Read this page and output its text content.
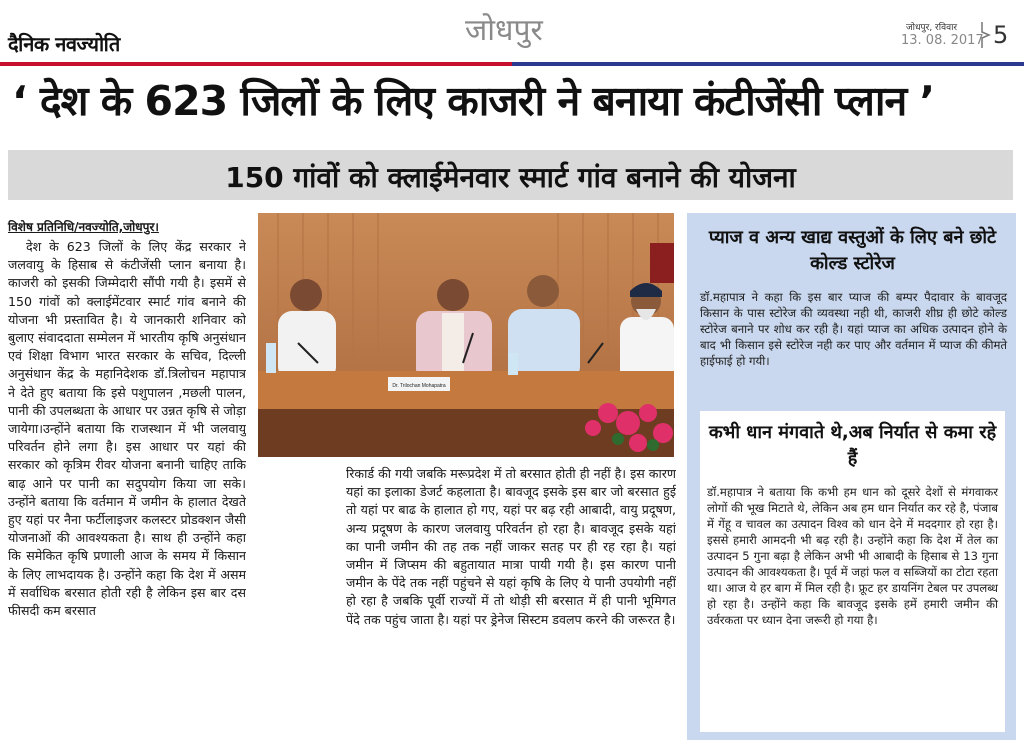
दैनिक नवज्योति	जोधपुर	जोधपुर, रविवार
13. 08. 2017 5
‘ देश के 623 जिलों के लिए काजरी ने बनाया कंटीजेंसी प्लान ’
150 गांवों को क्लाईमेनवार स्मार्ट गांव बनाने की योजना
विशेष प्रतिनिधि/नवज्योति,जोधपुर।

देश के 623 जिलों के लिए केंद्र सरकार ने जलवायु के हिसाब से कंटीजेंसी प्लान बनाया है। काजरी को इसकी जिम्मेदारी सौंपी गयी है। इसमें से 150 गांवों को क्लाईमेंटवार स्मार्ट गांव बनाने की योजना भी प्रस्तावित है। ये जानकारी शनिवार को बुलाए संवाददाता सम्मेलन में भारतीय कृषि अनुसंधान एवं शिक्षा विभाग भारत सरकार के सचिव, दिल्ली अनुसंधान केंद्र के महानिदेशक डॉ.त्रिलोचन महापात्र ने देते हुए बताया कि इसे पशुपालन ,मछली पालन, पानी की उपलब्धता के आधार पर उन्नत कृषि से जोड़ा जायेगा।उन्होंने बताया कि राजस्थान में भी जलवायु परिवर्तन होने लगा है। इस आधार पर यहां की सरकार को कृत्रिम रीवर योजना बनानी चाहिए ताकि बाढ़ आने पर पानी का सदुपयोग किया जा सके। उन्होंने बताया कि वर्तमान में जमीन के हालात देखते हुए यहां पर नैना फर्टीलाइजर कलस्टर प्रोडक्शन जैसी योजनाओं की आवश्यकता है। साथ ही उन्होंने कहा कि समेकित कृषि प्रणाली आज के समय में किसान के लिए लाभदायक है। उन्होंने कहा कि देश में असम में सर्वाधिक बरसात होती रही है लेकिन इस बार दस फीसदी कम बरसात

Dr. Trilochan Mohapatra

रिकार्ड की गयी जबकि मरूप्रदेश में तो बरसात होती ही नहीं है। इस कारण यहां का इलाका डेजर्ट कहलाता है। बावजूद इसके इस बार जो बरसात हुई तो यहां पर बाढ के हालात हो गए, यहां पर बढ़ रही आबादी, वायु प्रदूषण, अन्य प्रदूषण के कारण जलवायु परिवर्तन हो रहा है। बावजूद इसके यहां का पानी जमीन की तह तक नहीं जाकर सतह पर ही रह रहा है। यहां जमीन में जिप्सम की बहुतायात मात्रा पायी गयी है। इस कारण पानी जमीन के पेंदे तक नहीं पहुंचने से यहां कृषि के लिए ये पानी उपयोगी नहीं हो रहा है जबकि पूर्वी राज्यों में तो थोड़ी सी बरसात में ही पानी भूमिगत पेंदे तक पहुंच जाता है। यहां पर ड्रेनेज सिस्टम डवलप करने की जरूरत है।

प्याज व अन्य खाद्य वस्तुओं के लिए बने छोटे कोल्ड स्टोरेज

डॉ.महापात्र ने कहा कि इस बार प्याज की बम्पर पैदावार के बावजूद किसान के पास स्टोरेज की व्यवस्था नही थी, काजरी शीघ्र ही छोटे कोल्ड स्टोरेज बनाने पर शोध कर रही है। यहां प्याज का अधिक उत्पादन होने के बाद भी किसान इसे स्टोरेज नही कर पाए और वर्तमान में प्याज की कीमते हाईफाई हो गयी।

कभी धान मंगवाते थे,अब निर्यात से कमा रहे हैं

डॉ.महापात्र ने बताया कि कभी हम धान को दूसरे देशों से मंगवाकर लोगों की भूख मिटाते थे, लेकिन अब हम धान निर्यात कर रहे है, पंजाब में गेंहू व चावल का उत्पादन विश्व को धान देने में मददगार हो रहा है। इससे हमारी आमदनी भी बढ़ रही है। उन्होंने कहा कि देश में तेल का उत्पादन 5 गुना बढ़ा है लेकिन अभी भी आबादी के हिसाब से 13 गुना उत्पादन की आवश्यकता है। पूर्व में जहां फल व सब्जियों का टोटा रहता था। आज ये हर बाग में मिल रही है। फ्रूट हर डायनिंग टेबल पर उपलब्ध हो रहा है। उन्होंने कहा कि बावजूद इसके हमें हमारी जमीन की उर्वरकता पर ध्यान देना जरूरी हो गया है।
